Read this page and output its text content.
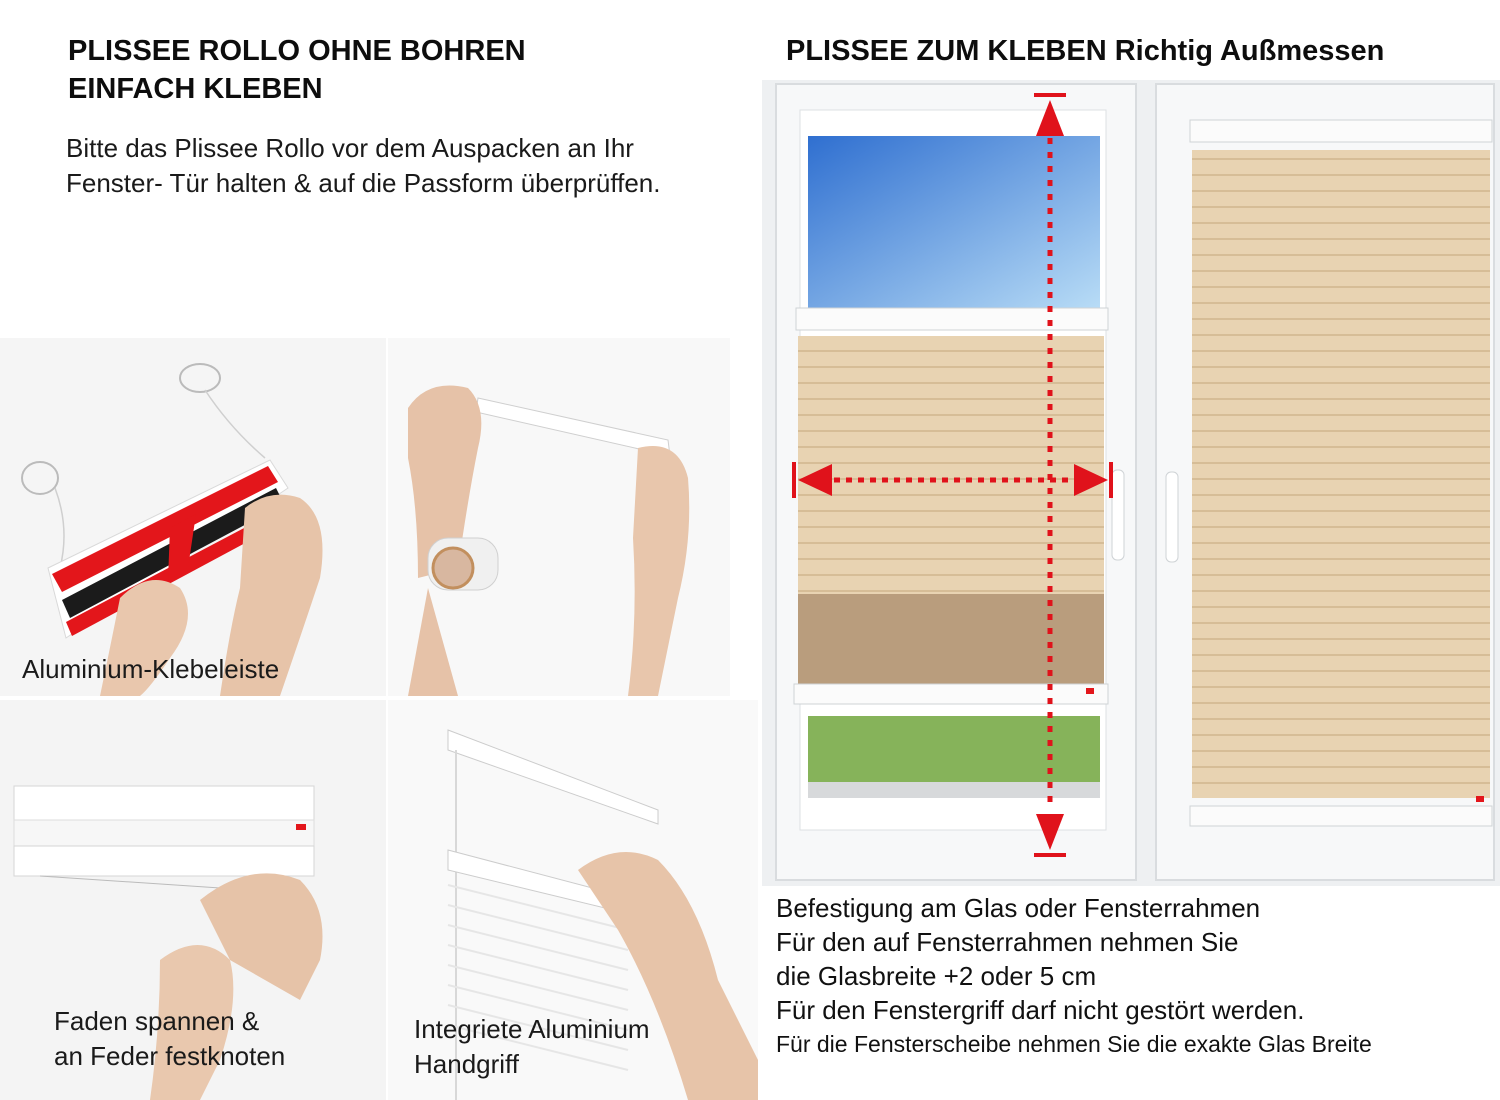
PLISSEE ROLLO OHNE BOHREN
EINFACH KLEBEN
Bitte das Plissee Rollo vor dem Auspacken an Ihr
Fenster- Tür halten & auf die Passform überprüffen.
PLISSEE ZUM KLEBEN Richtig Außmessen
Aluminium-Klebeleiste
Faden spannen &
an Feder festknoten
Integriete Aluminium
Handgriff
Befestigung am Glas oder Fensterrahmen
Für den auf Fensterrahmen nehmen Sie
die Glasbreite +2 oder 5 cm
Für den Fenstergriff darf nicht gestört werden.
Für die Fensterscheibe nehmen Sie die exakte Glas Breite
